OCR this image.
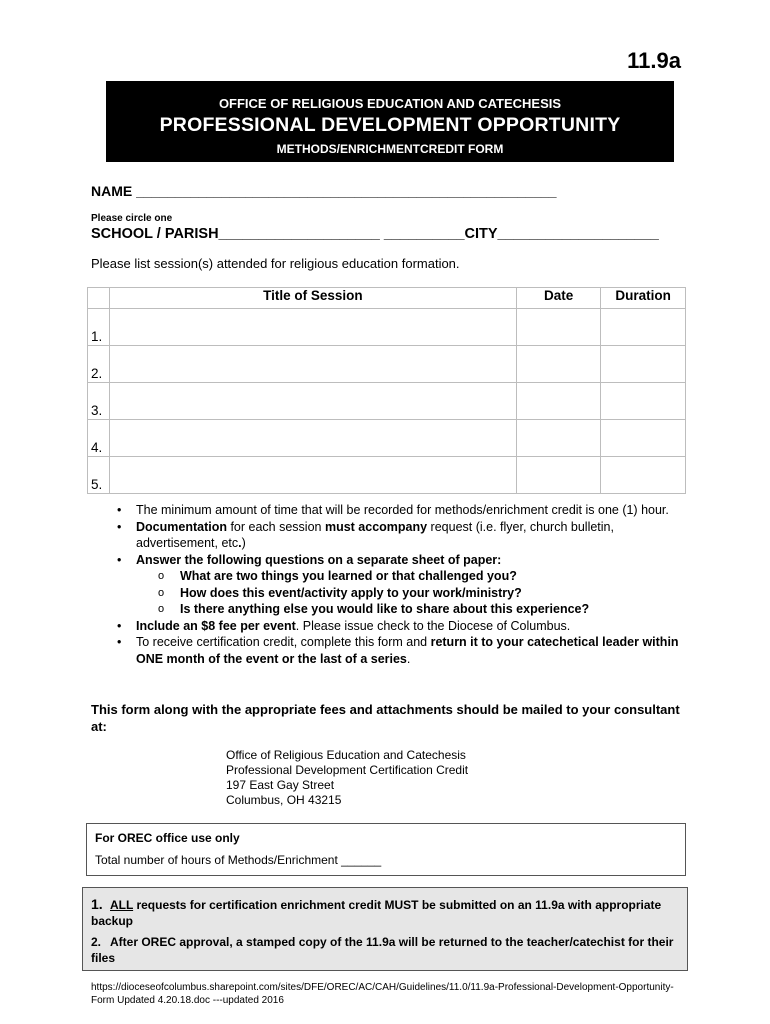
11.9a
OFFICE OF RELIGIOUS EDUCATION AND CATECHESIS
PROFESSIONAL DEVELOPMENT OPPORTUNITY
METHODS/ENRICHMENTCREDIT FORM
NAME ______________________________________________________
Please circle one
SCHOOL / PARISH____________________ __________CITY____________________
Please list session(s) attended for religious education formation.
	Title of Session	Date	Duration
1.			
2.			
3.			
4.			
5.			
• The minimum amount of time that will be recorded for methods/enrichment credit is one (1) hour.
• Documentation for each session must accompany request (i.e. flyer, church bulletin, advertisement, etc.)
• Answer the following questions on a separate sheet of paper:
o What are two things you learned or that challenged you?
o How does this event/activity apply to your work/ministry?
o Is there anything else you would like to share about this experience?
• Include an $8 fee per event. Please issue check to the Diocese of Columbus.
• To receive certification credit, complete this form and return it to your catechetical leader within ONE month of the event or the last of a series.
This form along with the appropriate fees and attachments should be mailed to your consultant at:
Office of Religious Education and Catechesis
Professional Development Certification Credit
197 East Gay Street
Columbus, OH 43215
For OREC office use only
Total number of hours of Methods/Enrichment ______
1. ALL requests for certification enrichment credit MUST be submitted on an 11.9a with appropriate backup
2. After OREC approval, a stamped copy of the 11.9a will be returned to the teacher/catechist for their files
https://dioceseofcolumbus.sharepoint.com/sites/DFE/OREC/AC/CAH/Guidelines/11.0/11.9a-Professional-Development-Opportunity-Form Updated 4.20.18.doc ---updated 2016
